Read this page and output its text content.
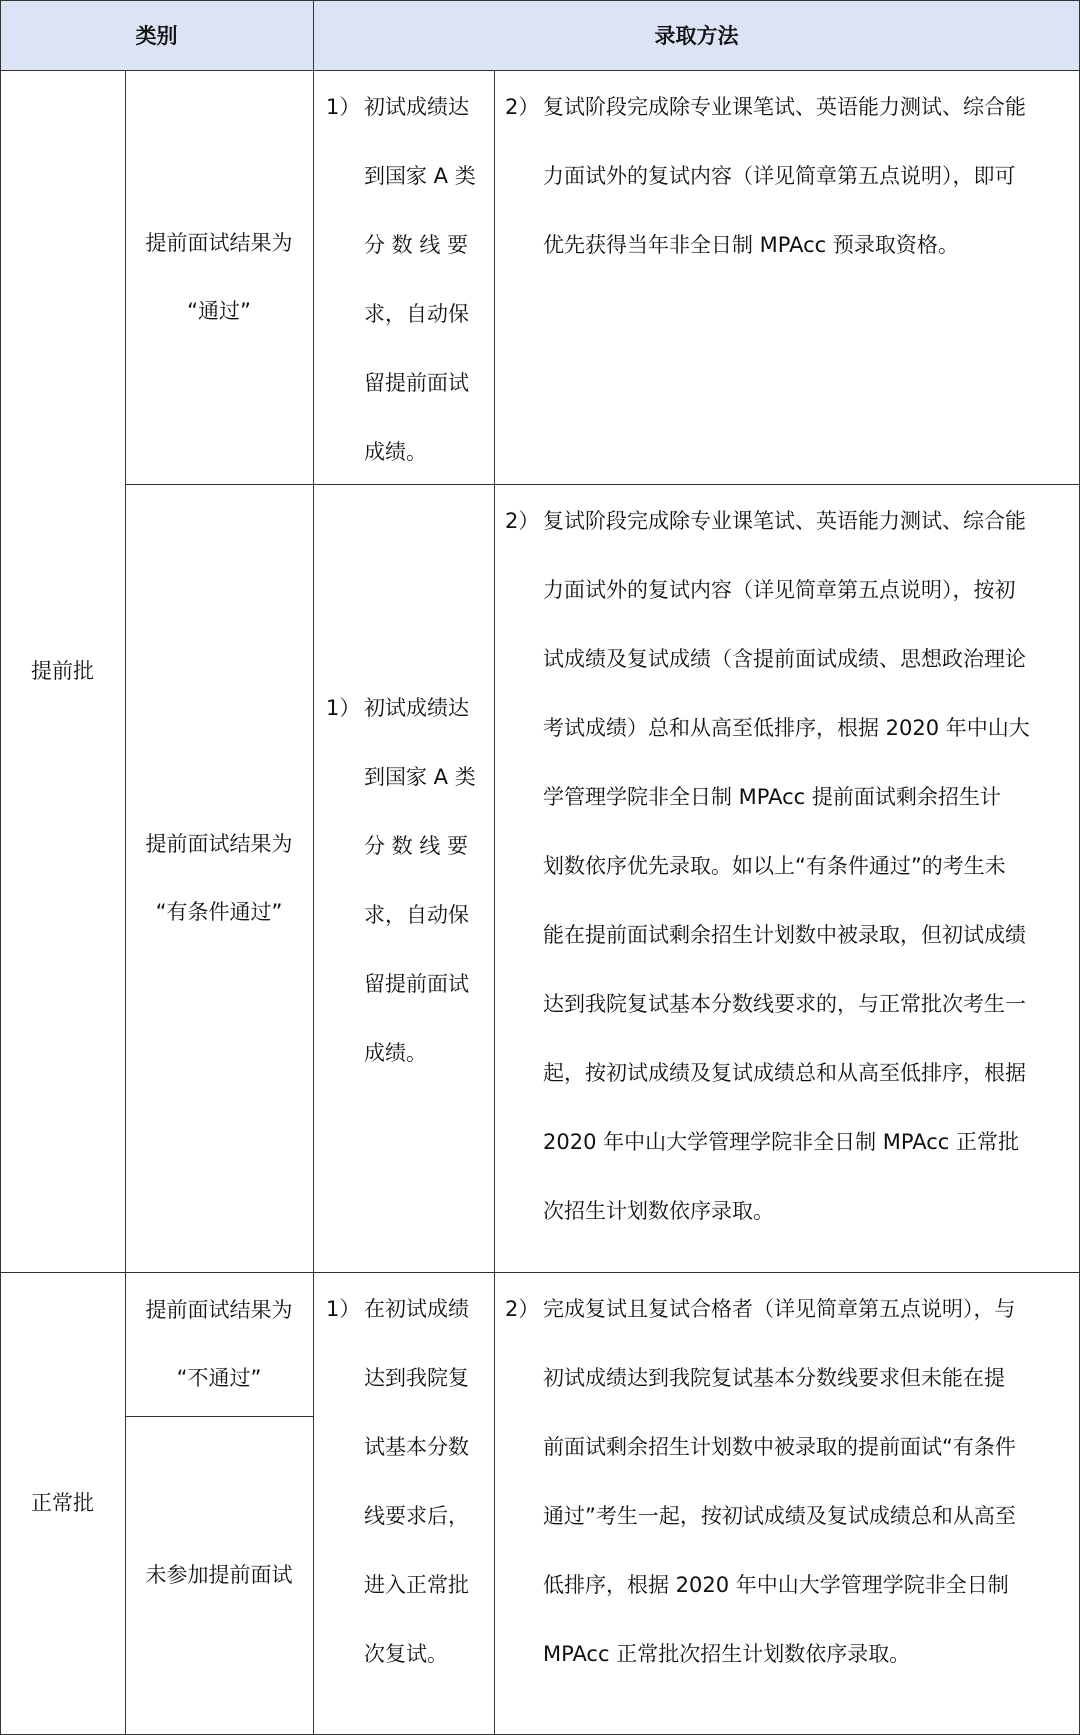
类别	录取方法
提前批
提前面试结果为
“通过”
1） 初试成绩达
到国家 A 类
分 数 线 要
求，自动保
留提前面试
成绩。
2） 复试阶段完成除专业课笔试、英语能力测试、综合能
力面试外的复试内容（详见简章第五点说明），即可
优先获得当年非全日制 MPAcc 预录取资格。
提前面试结果为
“有条件通过”
1） 初试成绩达
到国家 A 类
分 数 线 要
求，自动保
留提前面试
成绩。
2） 复试阶段完成除专业课笔试、英语能力测试、综合能
力面试外的复试内容（详见简章第五点说明），按初
试成绩及复试成绩（含提前面试成绩、思想政治理论
考试成绩）总和从高至低排序，根据 2020 年中山大
学管理学院非全日制 MPAcc 提前面试剩余招生计
划数依序优先录取。如以上“有条件通过”的考生未
能在提前面试剩余招生计划数中被录取，但初试成绩
达到我院复试基本分数线要求的，与正常批次考生一
起，按初试成绩及复试成绩总和从高至低排序，根据
2020 年中山大学管理学院非全日制 MPAcc 正常批
次招生计划数依序录取。
正常批
提前面试结果为
“不通过”
未参加提前面试
1） 在初试成绩
达到我院复
试基本分数
线要求后，
进入正常批
次复试。
2） 完成复试且复试合格者（详见简章第五点说明），与
初试成绩达到我院复试基本分数线要求但未能在提
前面试剩余招生计划数中被录取的提前面试“有条件
通过”考生一起，按初试成绩及复试成绩总和从高至
低排序，根据 2020 年中山大学管理学院非全日制
MPAcc 正常批次招生计划数依序录取。
